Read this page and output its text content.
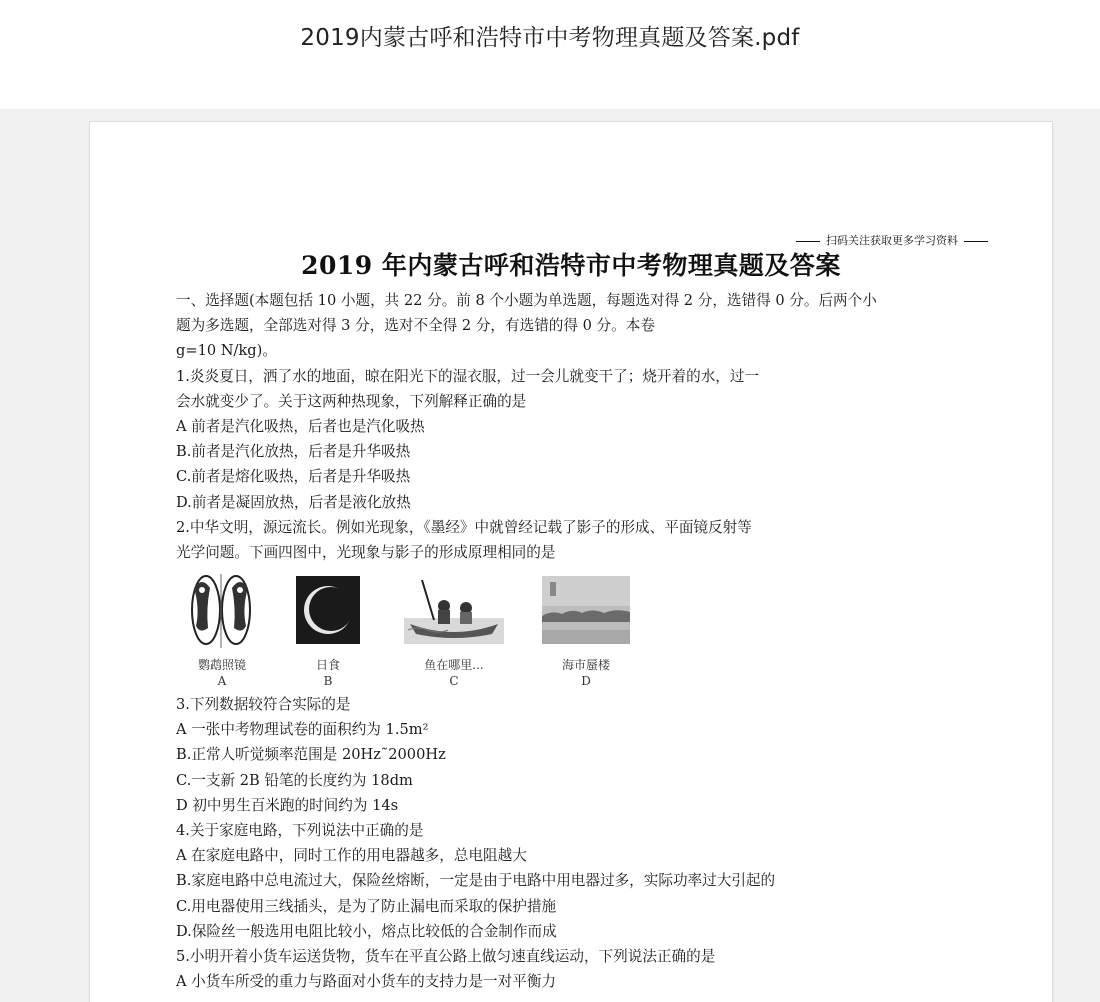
2019内蒙古呼和浩特市中考物理真题及答案.pdf
扫码关注获取更多学习资料
2019 年内蒙古呼和浩特市中考物理真题及答案
一、选择题(本题包括 10 小题，共 22 分。前 8 个小题为单选题，每题选对得 2 分，选错得 0 分。后两个小
题为多选题，全部选对得 3 分，选对不全得 2 分，有选错的得 0 分。本卷
g=10 N/kg)。
1.炎炎夏日，洒了水的地面，晾在阳光下的湿衣服，过一会儿就变干了；烧开着的水，过一
会水就变少了。关于这两种热现象，下列解释正确的是
A 前者是汽化吸热，后者也是汽化吸热
B.前者是汽化放热，后者是升华吸热
C.前者是熔化吸热，后者是升华吸热
D.前者是凝固放热，后者是液化放热
2.中华文明，源远流长。例如光现象，《墨经》中就曾经记载了影子的形成、平面镜反射等
光学问题。下画四图中，光现象与影子的形成原理相同的是
鹦鹉照镜
A
日食
B
鱼在哪里...
C
海市蜃楼
D
3.下列数据较符合实际的是
A 一张中考物理试卷的面积约为 1.5m²
B.正常人听觉频率范围是 20Hz˜2000Hz
C.一支新 2B 铅笔的长度约为 18dm
D 初中男生百米跑的时间约为 14s
4.关于家庭电路，下列说法中正确的是
A 在家庭电路中，同时工作的用电器越多，总电阻越大
B.家庭电路中总电流过大，保险丝熔断，一定是由于电路中用电器过多，实际功率过大引起的
C.用电器使用三线插头，是为了防止漏电而采取的保护措施
D.保险丝一般选用电阻比较小，熔点比较低的合金制作而成
5.小明开着小货车运送货物，货车在平直公路上做匀速直线运动，下列说法正确的是
A 小货车所受的重力与路面对小货车的支持力是一对平衡力
